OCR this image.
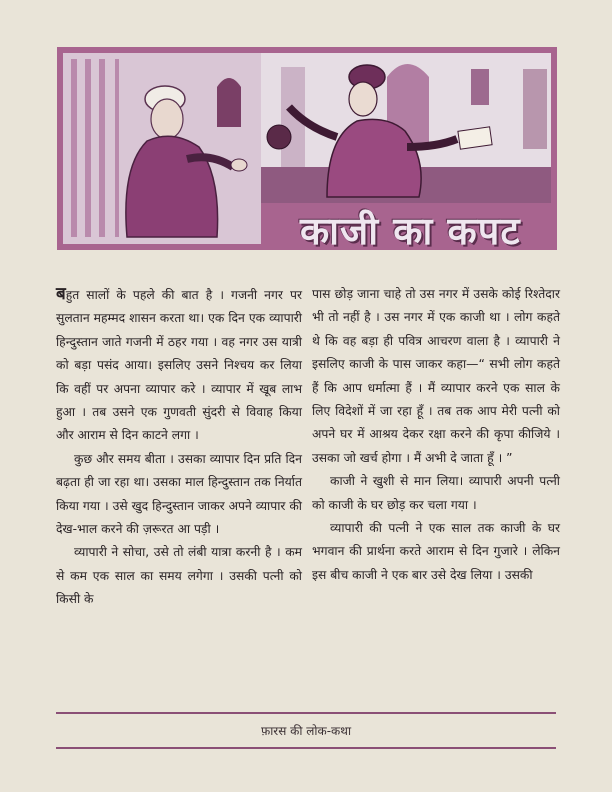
काजी का कपट

बहुत सालों के पहले की बात है । गजनी नगर पर सुलतान महम्मद शासन करता था। एक दिन एक व्यापारी हिन्दुस्तान जाते गजनी में ठहर गया । वह नगर उस यात्री को बड़ा पसंद आया। इसलिए उसने निश्चय कर लिया कि वहीं पर अपना व्यापार करे । व्यापार में खूब लाभ हुआ । तब उसने एक गुणवती सुंदरी से विवाह किया और आराम से दिन काटने लगा ।

कुछ और समय बीता । उसका व्यापार दिन प्रति दिन बढ़ता ही जा रहा था। उसका माल हिन्दुस्तान तक निर्यात किया गया । उसे खुद हिन्दुस्तान जाकर अपने व्यापार की देख-भाल करने की ज़रूरत आ पड़ी ।

व्यापारी ने सोचा, उसे तो लंबी यात्रा करनी है । कम से कम एक साल का समय लगेगा । उसकी पत्नी को किसी के

पास छोड़ जाना चाहे तो उस नगर में उसके कोई रिश्तेदार भी तो नहीं है । उस नगर में एक काजी था । लोग कहते थे कि वह बड़ा ही पवित्र आचरण वाला है । व्यापारी ने इसलिए काजी के पास जाकर कहा—“ सभी लोग कहते हैं कि आप धर्मात्मा हैं । मैं व्यापार करने एक साल के लिए विदेशों में जा रहा हूँ । तब तक आप मेरी पत्नी को अपने घर में आश्रय देकर रक्षा करने की कृपा कीजिये । उसका जो खर्च होगा । मैं अभी दे जाता हूँ । ”

काजी ने खुशी से मान लिया। व्यापारी अपनी पत्नी को काजी के घर छोड़ कर चला गया ।

व्यापारी की पत्नी ने एक साल तक काजी के घर भगवान की प्रार्थना करते आराम से दिन गुजारे । लेकिन इस बीच काजी ने एक बार उसे देख लिया । उसकी

फ़ारस की लोक-कथा
